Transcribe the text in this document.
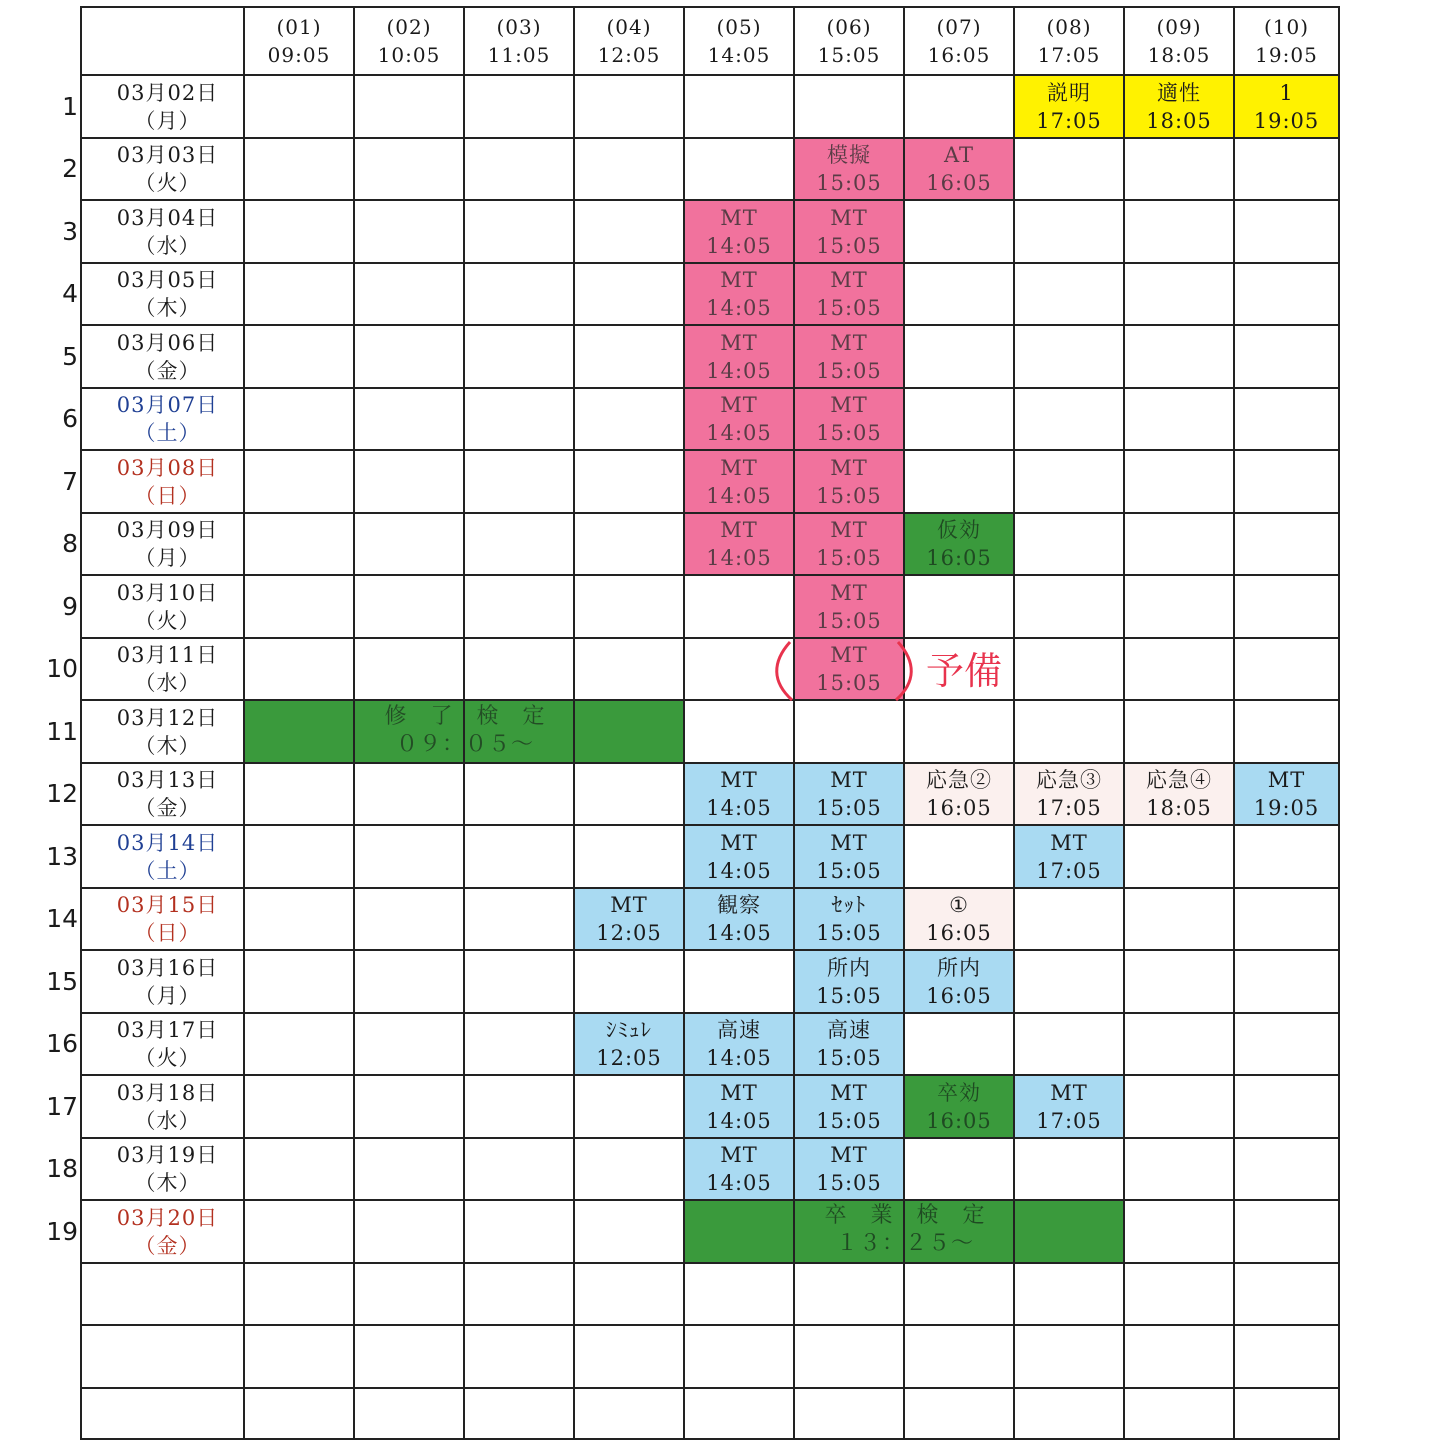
(01)
09:05
(02)
10:05
(03)
11:05
(04)
12:05
(05)
14:05
(06)
15:05
(07)
16:05
(08)
17:05
(09)
18:05
(10)
19:05
03月02日（月）
説明
17:05
適性
18:05
1
19:05
03月03日（火）
模擬
15:05
AT
16:05
03月04日（水）
MT
14:05
MT
15:05
03月05日（木）
MT
14:05
MT
15:05
03月06日（金）
MT
14:05
MT
15:05
03月07日（土）
MT
14:05
MT
15:05
03月08日（日）
MT
14:05
MT
15:05
03月09日（月）
MT
14:05
MT
15:05
仮効
16:05
03月10日（火）
MT
15:05
03月11日（水）
MT
15:05
03月12日（木）
03月13日（金）
MT
14:05
MT
15:05
応急②
16:05
応急③
17:05
応急④
18:05
MT
19:05
03月14日（土）
MT
14:05
MT
15:05
MT
17:05
03月15日（日）
MT
12:05
観察
14:05
ｾｯﾄ
15:05
①
16:05
03月16日（月）
所内
15:05
所内
16:05
03月17日（火）
ｼﾐｭﾚ
12:05
高速
14:05
高速
15:05
03月18日（水）
MT
14:05
MT
15:05
卒効
16:05
MT
17:05
03月19日（木）
MT
14:05
MT
15:05
03月20日（金）
1
2
3
4
5
6
7
8
9
10
11
12
13
14
15
16
17
18
19
修　了　検　定
０９：０５～
卒　業　検　定
１３：２５～
予備
